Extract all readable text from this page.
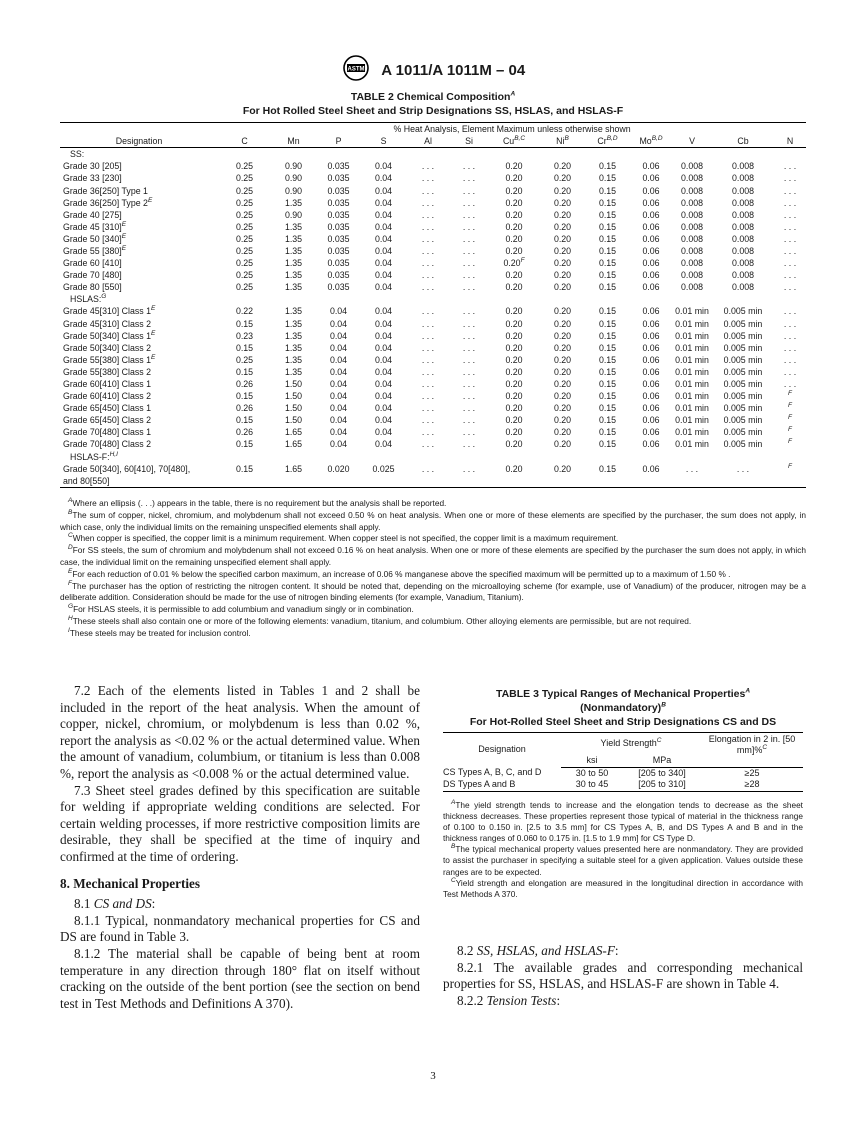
ASTM A 1011/A 1011M – 04
TABLE 2 Chemical Composition$^A$
For Hot Rolled Steel Sheet and Strip Designations SS, HSLAS, and HSLAS-F
	% Heat Analysis, Element Maximum unless otherwise shown												
Designation	C	Mn	P	S	Al	Si	$Cu^{B,C}$	$Ni^B$	$Cr^{B,D}$	$Mo^{B,D}$	V	Cb	N
SS:													
Grade 30 [205]	0.25	0.90	0.035	0.04	. . .	. . .	0.20	0.20	0.15	0.06	0.008	0.008	. . .
Grade 33 [230]	0.25	0.90	0.035	0.04	. . .	. . .	0.20	0.20	0.15	0.06	0.008	0.008	. . .
Grade 36[250] Type 1	0.25	0.90	0.035	0.04	. . .	. . .	0.20	0.20	0.15	0.06	0.008	0.008	. . .
Grade 36[250] Type $2^E$	0.25	1.35	0.035	0.04	. . .	. . .	0.20	0.20	0.15	0.06	0.008	0.008	. . .
Grade 40 [275]	0.25	0.90	0.035	0.04	. . .	. . .	0.20	0.20	0.15	0.06	0.008	0.008	. . .
Grade 45 $[310]^E$	0.25	1.35	0.035	0.04	. . .	. . .	0.20	0.20	0.15	0.06	0.008	0.008	. . .
Grade 50 $[340]^E$	0.25	1.35	0.035	0.04	. . .	. . .	0.20	0.20	0.15	0.06	0.008	0.008	. . .
Grade 55 $[380]^E$	0.25	1.35	0.035	0.04	. . .	. . .	0.20	0.20	0.15	0.06	0.008	0.008	. . .
Grade 60 [410]	0.25	1.35	0.035	0.04	. . .	. . .	$0.20^F$	0.20	0.15	0.06	0.008	0.008	. . .
Grade 70 [480]	0.25	1.35	0.035	0.04	. . .	. . .	0.20	0.20	0.15	0.06	0.008	0.008	. . .
Grade 80 [550]	0.25	1.35	0.035	0.04	. . .	. . .	0.20	0.20	0.15	0.06	0.008	0.008	. . .
HSLAS:$^G$
Grade 45[310] Class $1^E$	0.22	1.35	0.04	0.04	. . .	. . .	0.20	0.20	0.15	0.06	0.01 min	0.005 min	. . .
Grade 45[310] Class 2	0.15	1.35	0.04	0.04	. . .	. . .	0.20	0.20	0.15	0.06	0.01 min	0.005 min	. . .
Grade 50[340] Class $1^E$	0.23	1.35	0.04	0.04	. . .	. . .	0.20	0.20	0.15	0.06	0.01 min	0.005 min	. . .
Grade 50[340] Class 2	0.15	1.35	0.04	0.04	. . .	. . .	0.20	0.20	0.15	0.06	0.01 min	0.005 min	. . .
Grade 55[380] Class $1^E$	0.25	1.35	0.04	0.04	. . .	. . .	0.20	0.20	0.15	0.06	0.01 min	0.005 min	. . .
Grade 55[380] Class 2	0.15	1.35	0.04	0.04	. . .	. . .	0.20	0.20	0.15	0.06	0.01 min	0.005 min	. . .
Grade 60[410] Class 1	0.26	1.50	0.04	0.04	. . .	. . .	0.20	0.20	0.15	0.06	0.01 min	0.005 min	. . .
Grade 60[410] Class 2	0.15	1.50	0.04	0.04	. . .	. . .	0.20	0.20	0.15	0.06	0.01 min	0.005 min	$^F$
Grade 65[450] Class 1	0.26	1.50	0.04	0.04	. . .	. . .	0.20	0.20	0.15	0.06	0.01 min	0.005 min	$^F$
Grade 65[450] Class 2	0.15	1.50	0.04	0.04	. . .	. . .	0.20	0.20	0.15	0.06	0.01 min	0.005 min	$^F$
Grade 70[480] Class 1	0.26	1.65	0.04	0.04	. . .	. . .	0.20	0.20	0.15	0.06	0.01 min	0.005 min	$^F$
Grade 70[480] Class 2	0.15	1.65	0.04	0.04	. . .	. . .	0.20	0.20	0.15	0.06	0.01 min	0.005 min	$^F$
HSLAS-F:$^{H,I}$
Grade 50[340], 60[410], 70[480],	0.15	1.65	0.020	0.025	. . .	. . .	0.20	0.20	0.15	0.06	. . .	. . .	$^F$
and 80[550]													

$^A$Where an ellipsis (. . .) appears in the table, there is no requirement but the analysis shall be reported.

$^B$The sum of copper, nickel, chromium, and molybdenum shall not exceed 0.50 % on heat analysis. When one or more of these elements are specified by the purchaser, the sum does not apply, in which case, only the individual limits on the remaining unspecified elements shall apply.

$^C$When copper is specified, the copper limit is a minimum requirement. When copper steel is not specified, the copper limit is a maximum requirement.

$^D$For SS steels, the sum of chromium and molybdenum shall not exceed 0.16 % on heat analysis. When one or more of these elements are specified by the purchaser the sum does not apply, in which case, the individual limit on the remaining unspecified element shall apply.

$^E$For each reduction of 0.01 % below the specified carbon maximum, an increase of 0.06 % manganese above the specified maximum will be permitted up to a maximum of 1.50 % .

$^F$The purchaser has the option of restricting the nitrogen content. It should be noted that, depending on the microalloying scheme (for example, use of Vanadium) of the producer, nitrogen may be a deliberate addition. Consideration should be made for the use of nitrogen binding elements (for example, Vanadium, Titanium).

$^G$For HSLAS steels, it is permissible to add columbium and vanadium singly or in combination.

$^H$These steels shall also contain one or more of the following elements: vanadium, titanium, and columbium. Other alloying elements are permissible, but are not required.

$^I$These steels may be treated for inclusion control.

7.2 Each of the elements listed in Tables 1 and 2 shall be included in the report of the heat analysis. When the amount of copper, nickel, chromium, or molybdenum is less than 0.02 %, report the analysis as <0.02 % or the actual determined value. When the amount of vanadium, columbium, or titanium is less than 0.008 %, report the analysis as <0.008 % or the actual determined value.

7.3 Sheet steel grades defined by this specification are suitable for welding if appropriate welding conditions are selected. For certain welding processes, if more restrictive composition limits are desirable, they shall be specified at the time of inquiry and confirmed at the time of ordering.

8. Mechanical Properties

8.1 CS and DS:

8.1.1 Typical, nonmandatory mechanical properties for CS and DS are found in Table 3.

8.1.2 The material shall be capable of being bent at room temperature in any direction through 180° flat on itself without cracking on the outside of the bent portion (see the section on bend test in Test Methods and Definitions A 370).

TABLE 3 Typical Ranges of Mechanical Properties$^A$
(Nonmandatory)$^B$
For Hot-Rolled Steel Sheet and Strip Designations CS and DS
Designation	Yield Strength$^C$		Elongation in 2 in. [50 mm]%$^C$
	ksi	MPa	
CS Types A, B, C, and D	30 to 50	[205 to 340]	≥25
DS Types A and B	30 to 45	[205 to 310]	≥28

$^A$The yield strength tends to increase and the elongation tends to decrease as the sheet thickness decreases. These properties represent those typical of material in the thickness range of 0.100 to 0.150 in. [2.5 to 3.5 mm] for CS Types A, B, and DS Types A and B and in the thickness ranges of 0.060 to 0.175 in. [1.5 to 1.9 mm] for CS Type D.

$^B$The typical mechanical property values presented here are nonmandatory. They are provided to assist the purchaser in specifying a suitable steel for a given application. Values outside these ranges are to be expected.

$^C$Yield strength and elongation are measured in the longitudinal direction in accordance with Test Methods A 370.

8.2 SS, HSLAS, and HSLAS-F:

8.2.1 The available grades and corresponding mechanical properties for SS, HSLAS, and HSLAS-F are shown in Table 4.

8.2.2 Tension Tests:

3
